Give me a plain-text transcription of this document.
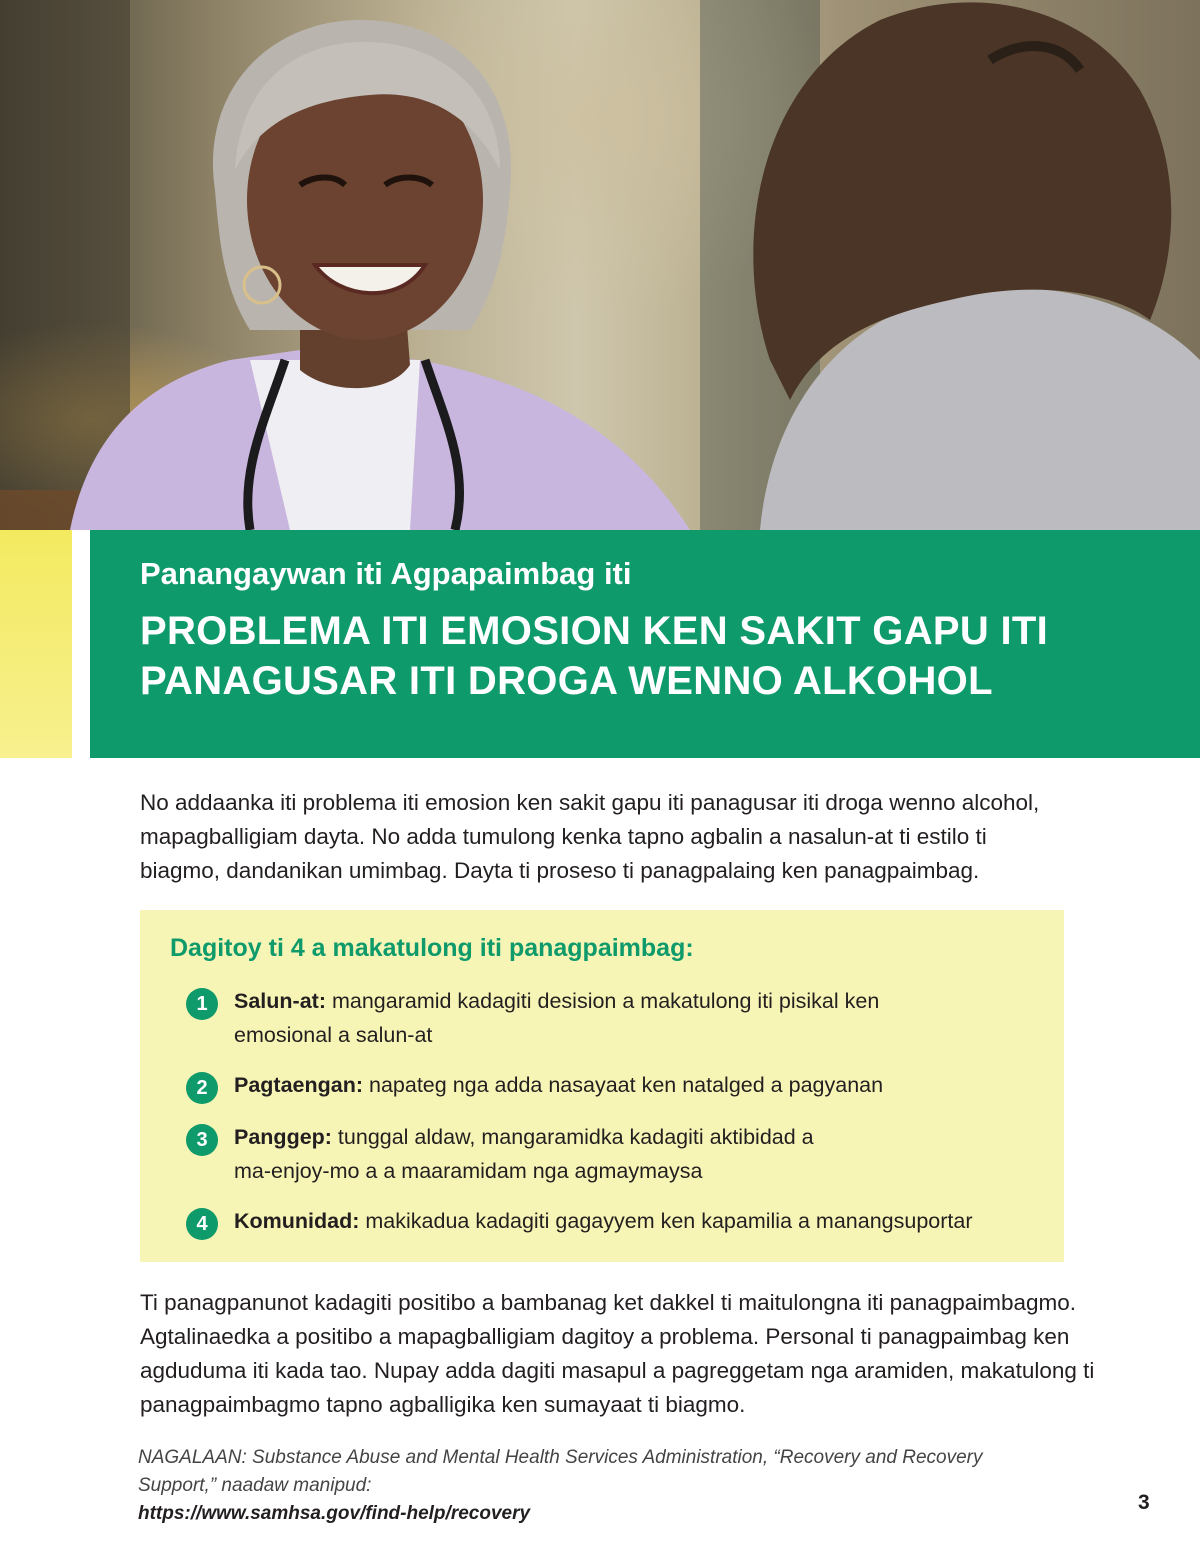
Panangaywan iti Agpapaimbag iti
PROBLEMA ITI EMOSION KEN SAKIT GAPU ITI
PANAGUSAR ITI DROGA WENNO ALKOHOL

No addaanka iti problema iti emosion ken sakit gapu iti panagusar iti droga wenno alcohol,
mapagballigiam dayta. No adda tumulong kenka tapno agbalin a nasalun-at ti estilo ti
biagmo, dandanikan umimbag. Dayta ti proseso ti panagpalaing ken panagpaimbag.

Dagitoy ti 4 a makatulong iti panagpaimbag:
1	Salun-at: mangaramid kadagiti desision a makatulong iti pisikal ken
emosional a salun-at
2	Pagtaengan: napateg nga adda nasayaat ken natalged a pagyanan
3	Panggep: tunggal aldaw, mangaramidka kadagiti aktibidad a
ma-enjoy-mo a a maaramidam nga agmaymaysa
4	Komunidad: makikadua kadagiti gagayyem ken kapamilia a manangsuportar

Ti panagpanunot kadagiti positibo a bambanag ket dakkel ti maitulongna iti panagpaimbagmo.
Agtalinaedka a positibo a mapagballigiam dagitoy a problema. Personal ti panagpaimbag ken
agduduma iti kada tao. Nupay adda dagiti masapul a pagreggetam nga aramiden, makatulong ti
panagpaimbagmo tapno agballigika ken sumayaat ti biagmo.

NAGALAAN: Substance Abuse and Mental Health Services Administration, “Recovery and Recovery
Support,” naadaw manipud:
https://www.samhsa.gov/find-help/recovery	3
